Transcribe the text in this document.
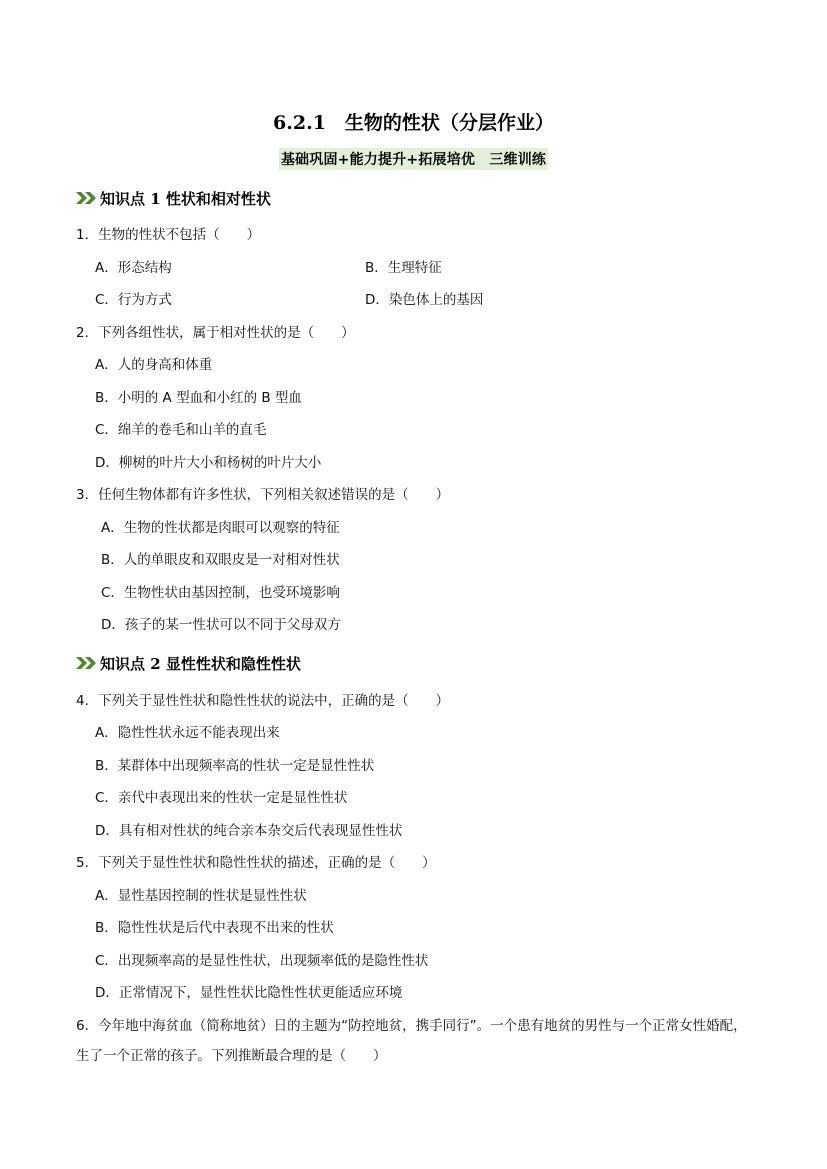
6.2.1　生物的性状（分层作业）
基础巩固+能力提升+拓展培优　三维训练
知识点 1 性状和相对性状
1．生物的性状不包括（　　）
A．形态结构	B．生理特征
C．行为方式	D．染色体上的基因
2．下列各组性状，属于相对性状的是（　　）
A．人的身高和体重
B．小明的 A 型血和小红的 B 型血
C．绵羊的卷毛和山羊的直毛
D．柳树的叶片大小和杨树的叶片大小
3．任何生物体都有许多性状，下列相关叙述错误的是（　　）
A．生物的性状都是肉眼可以观察的特征
B．人的单眼皮和双眼皮是一对相对性状
C．生物性状由基因控制，也受环境影响
D．孩子的某一性状可以不同于父母双方
知识点 2 显性性状和隐性性状
4．下列关于显性性状和隐性性状的说法中，正确的是（　　）
A．隐性性状永远不能表现出来
B．某群体中出现频率高的性状一定是显性性状
C．亲代中表现出来的性状一定是显性性状
D．具有相对性状的纯合亲本杂交后代表现显性性状
5．下列关于显性性状和隐性性状的描述，正确的是（　　）
A．显性基因控制的性状是显性性状
B．隐性性状是后代中表现不出来的性状
C．出现频率高的是显性性状，出现频率低的是隐性性状
D．正常情况下，显性性状比隐性性状更能适应环境
6．今年地中海贫血（简称地贫）日的主题为“防控地贫，携手同行”。一个患有地贫的男性与一个正常女性婚配，生了一个正常的孩子。下列推断最合理的是（　　）
